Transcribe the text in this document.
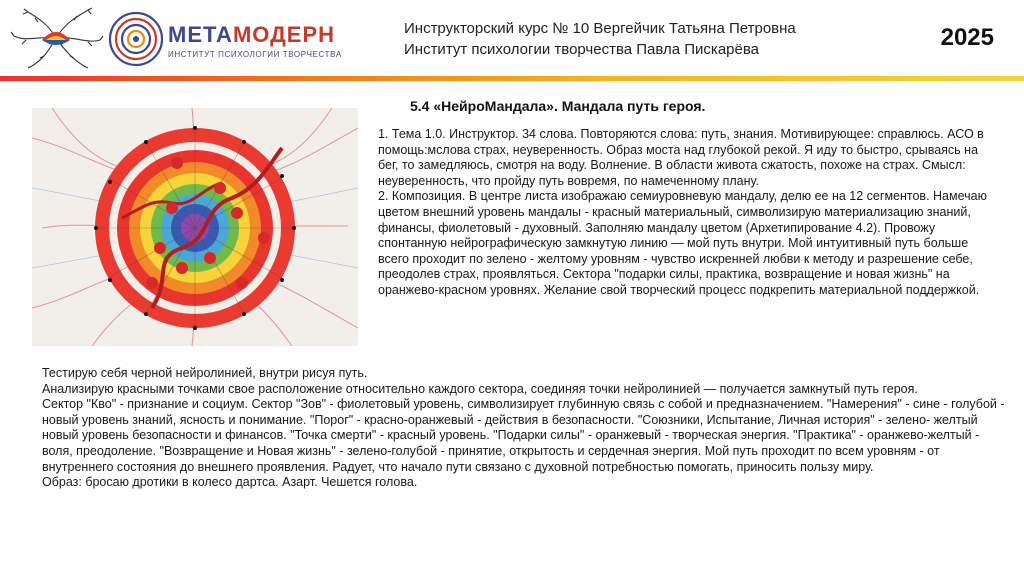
МЕТАМОДЕРН
ИНСТИТУТ ПСИХОЛОГИИ ТВОРЧЕСТВА
Инструкторский курс № 10 Вергейчик Татьяна Петровна
Институт психологии творчества Павла Пискарёва	2025
5.4 «НейроМандала». Мандала путь героя.

1. Тема 1.0. Инструктор. 34 слова. Повторяются слова: путь, знания. Мотивирующее: справлюсь. АСО в помощь:мслова страх, неуверенность. Образ моста над глубокой рекой. Я иду то быстро, срываясь на бег, то замедляюсь, смотря на воду. Волнение. В области живота сжатость, похоже на страх. Смысл: неуверенность, что пройду путь вовремя, по намеченному плану.

2. Композиция. В центре листа изображаю семиуровневую мандалу, делю ее на 12 сегментов. Намечаю цветом внешний уровень мандалы - красный материальный, символизирую материализацию знаний, финансы, фиолетовый - духовный. Заполняю мандалу цветом (Архетипирование 4.2). Провожу спонтанную нейрографическую замкнутую линию — мой путь внутри. Мой интуитивный путь больше всего проходит по зелено - желтому уровням - чувство искренней любви к методу и разрешение себе, преодолев страх, проявляться. Сектора "подарки силы, практика, возвращение и новая жизнь" на оранжево-красном уровнях. Желание свой творческий процесс подкрепить материальной поддержкой.

Тестирую себя черной нейролинией, внутри рисуя путь.

Анализирую красными точками свое расположение относительно каждого сектора, соединяя точки нейролинией — получается замкнутый путь героя.

Сектор "Кво" - признание и социум. Сектор "Зов" - фиолетовый уровень, символизирует глубинную связь с собой и предназначением. "Намерения" - сине - голубой - новый уровень знаний, ясность и понимание. "Порог" - красно-оранжевый - действия в безопасности. "Союзники, Испытание, Личная история" - зелено- желтый новый уровень безопасности и финансов. "Точка смерти" - красный уровень. "Подарки силы" - оранжевый - творческая энергия. "Практика" - оранжево-желтый - воля, преодоление. "Возвращение и Новая жизнь" - зелено-голубой - принятие, открытость и сердечная энергия. Мой путь проходит по всем уровням - от внутреннего состояния до внешнего проявления. Радует, что начало пути связано с духовной потребностью помогать, приносить пользу миру.

Образ: бросаю дротики в колесо дартса. Азарт. Чешется голова.
